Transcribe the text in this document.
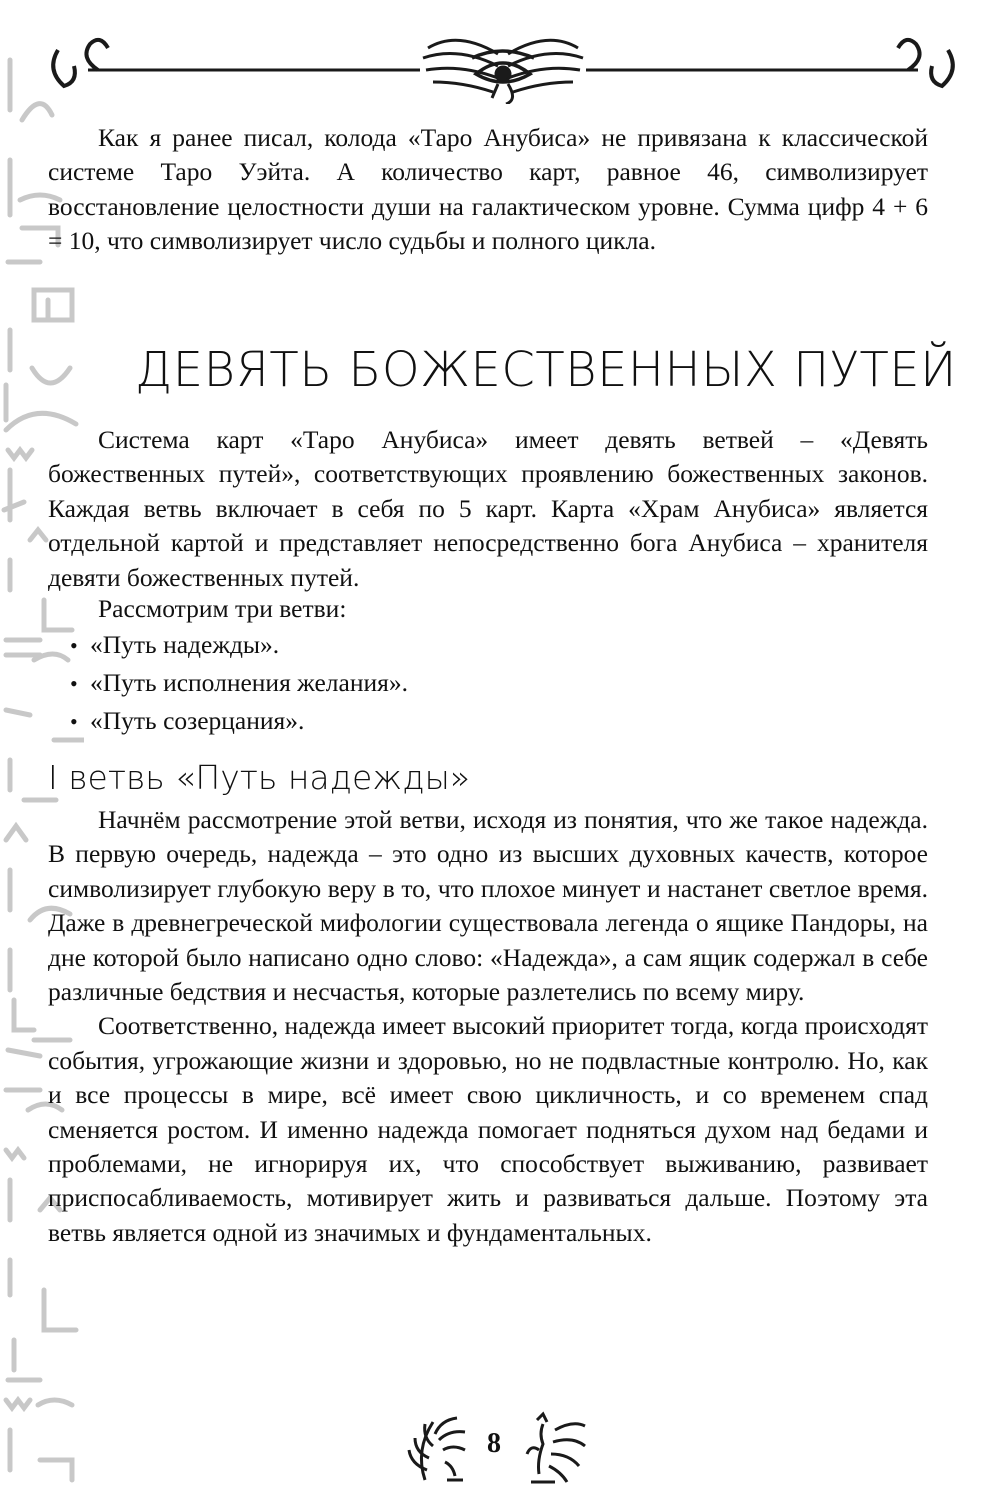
Как я ранее писал, колода «Таро Анубиса» не привязана к классической системе Таро Уэйта. А количество карт, равное 46, символизирует восстановление целостности души на галактическом уровне. Сумма цифр 4 + 6 = 10, что символизирует число судьбы и полного цикла.

ДЕВЯТЬ БОЖЕСТВЕННЫХ ПУТЕЙ

Система карт «Таро Анубиса» имеет девять ветвей – «Девять божественных путей», соответствующих проявлению божественных законов. Каждая ветвь включает в себя по 5 карт. Карта «Храм Анубиса» является отдельной картой и представляет непосредственно бога Анубиса – хранителя девяти божественных путей.

Рассмотрим три ветви:
• «Путь надежды».
• «Путь исполнения желания».
• «Путь созерцания».
I ветвь «Путь надежды»

Начнём рассмотрение этой ветви, исходя из понятия, что же такое надежда. В первую очередь, надежда – это одно из высших духовных качеств, которое символизирует глубокую веру в то, что плохое минует и настанет светлое время. Даже в древнегреческой мифологии существовала легенда о ящике Пандоры, на дне которой было написано одно слово: «Надежда», а сам ящик содержал в себе различные бедствия и несчастья, которые разлетелись по всему миру.

Соответственно, надежда имеет высокий приоритет тогда, когда происходят события, угрожающие жизни и здоровью, но не подвластные контролю. Но, как и все процессы в мире, всё имеет свою цикличность, и со временем спад сменяется ростом. И именно надежда помогает подняться духом над бедами и проблемами, не игнорируя их, что способствует выживанию, развивает приспосабливаемость, мотивирует жить и развиваться дальше. Поэтому эта ветвь является одной из значимых и фундаментальных.

8
